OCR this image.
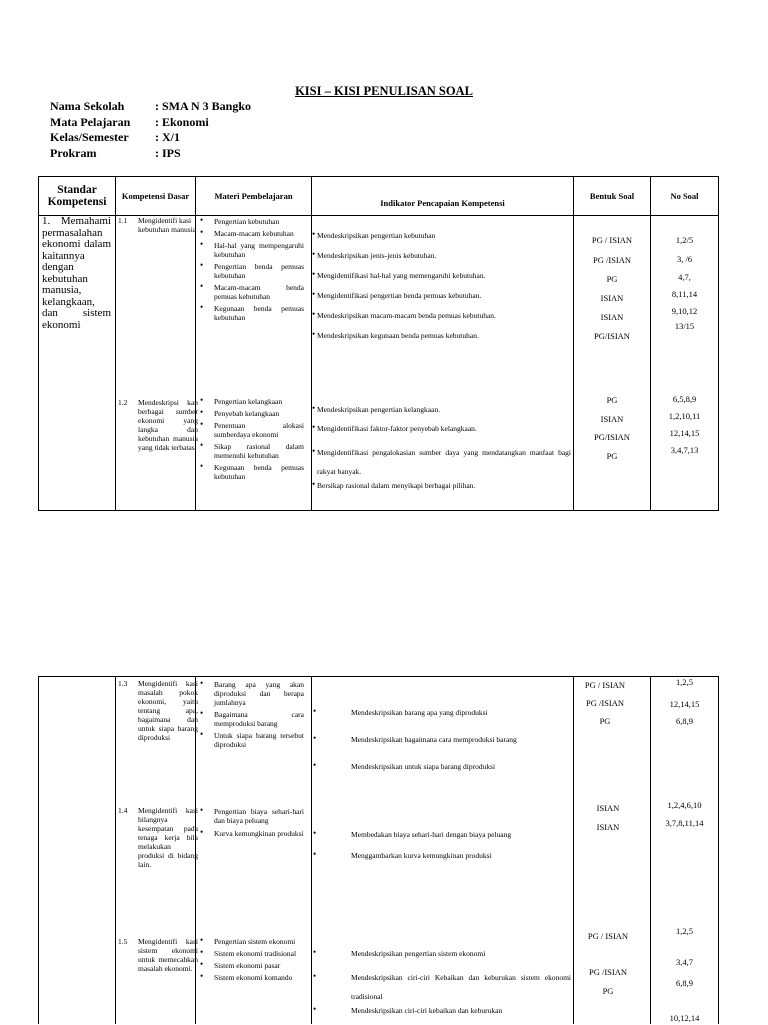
KISI – KISI PENULISAN SOAL
Nama Sekolah	: SMA N 3 Bangko
Mata Pelajaran	: Ekonomi
Kelas/Semester	: X/1
Prokram	: IPS
Standar Kompetensi	Kompetensi Dasar	Materi Pembelajaran
Indikator Pencapaian Kompetensi
Bentuk Soal	No Soal
1. Memahami permasalahan ekonomi dalam kaitannya dengan kebutuhan manusia, kelangkaan, dan sistem ekonomi
1.1 Mengidentifi kasi kebutuhan manusia
• Pengertian kebutuhan
• Macam-macam kebutuhan
• Hal-hal yang mempengaruhi kebutuhan
• Pengertian benda pemuas kebutuhan
• Macam-macam benda pemuas kebutuhan
• Kegunaan benda pemuas kebutuhan
• Mendeskripsikan pengertian kebutuhan
• Mendeskripsikan jenis-jenis kebutuhan.
• Mengidentifikasi hal-hal yang memengaruhi kebutuhan.
• Mengidentifikasi pengertian benda pemuas kebutuhan.
• Mendeskripsikan macam-macam benda pemuas kebutuhan.
• Mendeskripsikan kegunaan benda pemuas kebutuhan.
PG / ISIAN
PG /ISIAN
PG
ISIAN
ISIAN
PG/ISIAN
1,2/5
3, /6
4,7,
8,11,14
9,10,12
13/15
1.2 Mendeskripsi kan berbagai sumber ekonomi yang langka dan kebutuhan manusia yang tidak terbatas
• Pengertian kelangkaan
• Penyebab kelangkaan
• Penentuan alokasi sumberdaya ekonomi
• Sikap rasional dalam memenuhi kebutuhan
• Kegunaan benda pemuas kebutuhan
• Mendeskripsikan pengertian kelangkaan.
• Mengidentifikasi faktor-faktor penyebab kelangkaan.
• Mengidentifikasi pengalokasian sumber daya yang mendatangkan manfaat bagi rakyat banyak.
• Bersikap rasional dalam menyikapi berbagai pilihan.
PG
ISIAN
PG/ISIAN
PG
6,5,8,9
1,2,10,11
12,14,15
3,4,7,13
1.3 Mengidentifi kasi masalah pokok ekonomi, yaitu tentang apa, bagaimana dan untuk siapa barang diproduksi
• Barang apa yang akan diproduksi dan berapa jumlahnya
• Bagaimana cara memproduksi barang
• Untuk siapa barang tersebut diproduksi
• Mendeskripsikan barang apa yang diproduksi
• Mendeskripsikan bagaimana cara memproduksi barang
• Mendeskripsikan untuk siapa barang diproduksi
PG / ISIAN
PG /ISIAN
PG
1,2,5
12,14,15
6,8,9
1.4 Mengidentifi kasi hilangnya kesempatan pada tenaga kerja bila melakukan produksi di bidang lain.
• Pengertian biaya sehari-hari dan biaya peluang
• Kurva kemungkinan produksi
•	Membedakan biaya sehari-hari dengan biaya peluang
• Menggambarkan kurva kemungkinan produksi
ISIAN
ISIAN
1,2,4,6,10
3,7,8,11,14
1.5 Mengidentifi kasi sistem ekonomi untuk memecahkan masalah ekonomi.
• Pengertian sistem ekonomi
• Sistem ekonomi tradisional
• Sistem ekonomi pasar
• Sistem ekonomi komando
• Mendeskripsikan pengertian sistem ekonomi
• Mendeskripsikan ciri-ciri Kebaikan dan keburukan sistem ekonomi tradisional
• Mendeskripsikan ciri-ciri kebaikan dan keburukan
PG / ISIAN
PG /ISIAN
PG
1,2,5
3,4,7
6,8,9
10,12,14
